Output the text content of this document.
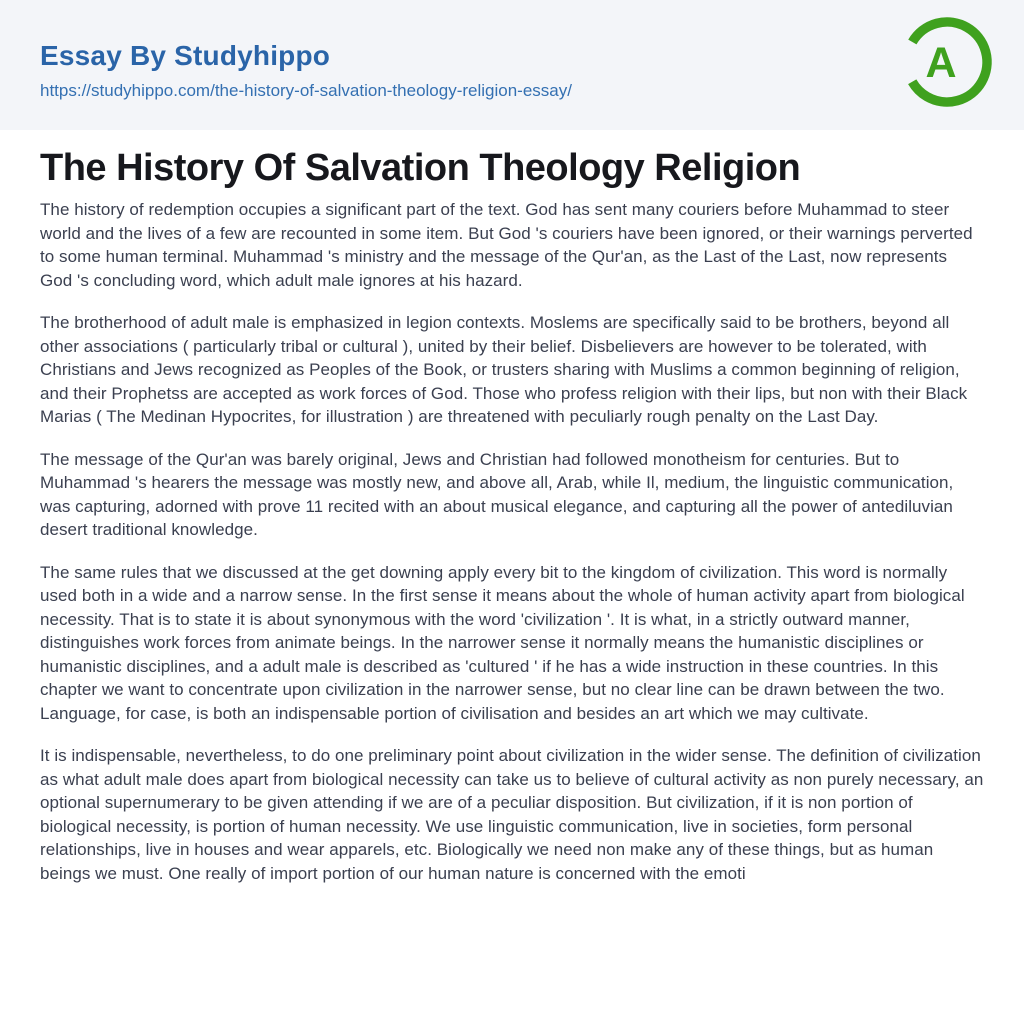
Essay By Studyhippo
https://studyhippo.com/the-history-of-salvation-theology-religion-essay/
A
The History Of Salvation Theology Religion

The history of redemption occupies a significant part of the text. God has sent many couriers before Muhammad to steer world and the lives of a few are recounted in some item. But God 's couriers have been ignored, or their warnings perverted to some human terminal. Muhammad 's ministry and the message of the Qur'an, as the Last of the Last, now represents God 's concluding word, which adult male ignores at his hazard.

The brotherhood of adult male is emphasized in legion contexts. Moslems are specifically said to be brothers, beyond all other associations ( particularly tribal or cultural ), united by their belief. Disbelievers are however to be tolerated, with Christians and Jews recognized as Peoples of the Book, or trusters sharing with Muslims a common beginning of religion, and their Prophetss are accepted as work forces of God. Those who profess religion with their lips, but non with their Black Marias ( The Medinan Hypocrites, for illustration ) are threatened with peculiarly rough penalty on the Last Day.

The message of the Qur'an was barely original, Jews and Christian had followed monotheism for centuries. But to Muhammad 's hearers the message was mostly new, and above all, Arab, while Il, medium, the linguistic communication, was capturing, adorned with prove 11 recited with an about musical elegance, and capturing all the power of antediluvian desert traditional knowledge.

The same rules that we discussed at the get downing apply every bit to the kingdom of civilization. This word is normally used both in a wide and a narrow sense. In the first sense it means about the whole of human activity apart from biological necessity. That is to state it is about synonymous with the word 'civilization '. It is what, in a strictly outward manner, distinguishes work forces from animate beings. In the narrower sense it normally means the humanistic disciplines or humanistic disciplines, and a adult male is described as 'cultured ' if he has a wide instruction in these countries. In this chapter we want to concentrate upon civilization in the narrower sense, but no clear line can be drawn between the two. Language, for case, is both an indispensable portion of civilisation and besides an art which we may cultivate.

It is indispensable, nevertheless, to do one preliminary point about civilization in the wider sense. The definition of civilization as what adult male does apart from biological necessity can take us to believe of cultural activity as non purely necessary, an optional supernumerary to be given attending if we are of a peculiar disposition. But civilization, if it is non portion of biological necessity, is portion of human necessity. We use linguistic communication, live in societies, form personal relationships, live in houses and wear apparels, etc. Biologically we need non make any of these things, but as human beings we must. One really of import portion of our human nature is concerned with the emoti
